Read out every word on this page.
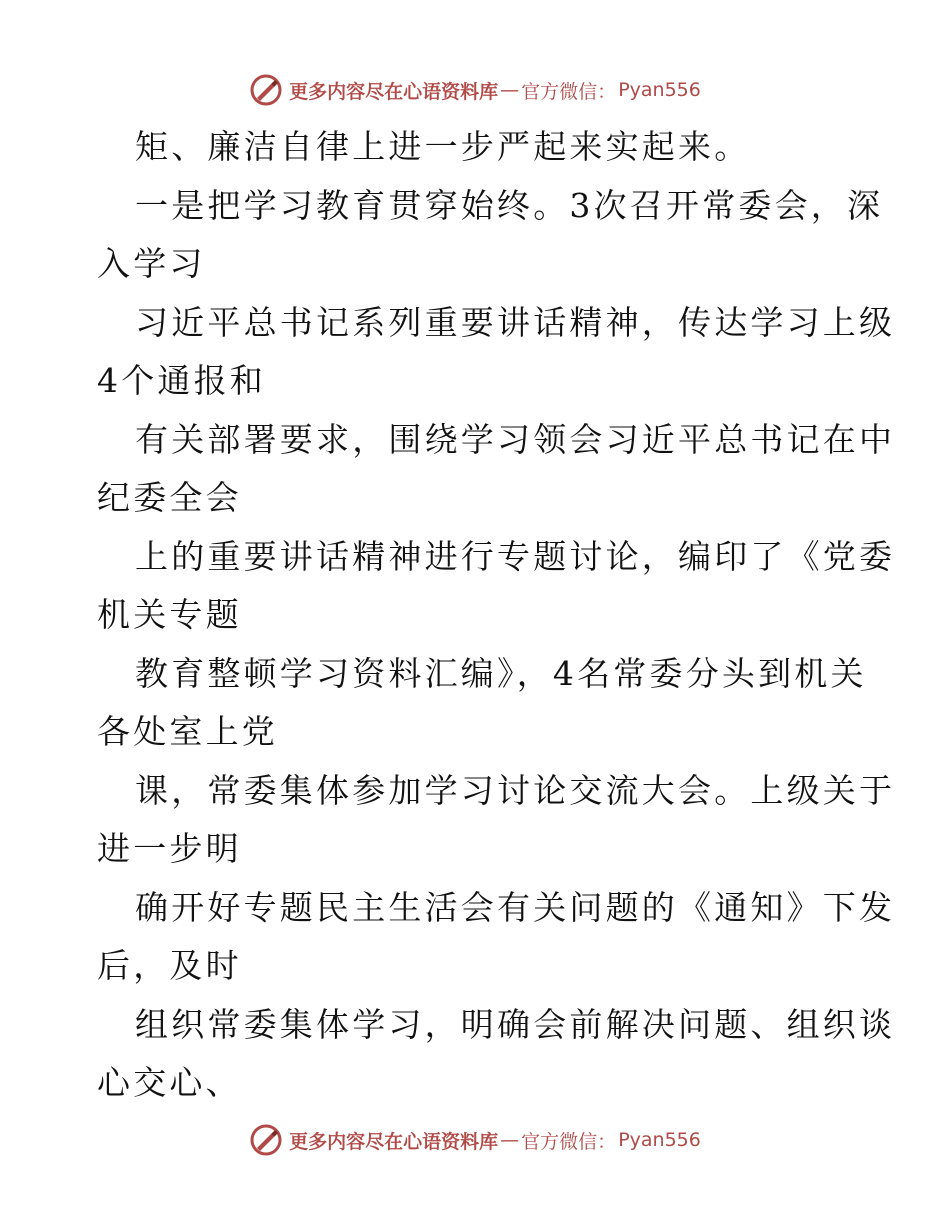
更多内容尽在心语资料库 — 官方微信： Pyan556
矩、廉洁自律上进一步严起来实起来。
一是把学习教育贯穿始终。3次召开常委会，深
入学习
习近平总书记系列重要讲话精神，传达学习上级
4个通报和
有关部署要求，围绕学习领会习近平总书记在中
纪委全会
上的重要讲话精神进行专题讨论，编印了《党委
机关专题
教育整顿学习资料汇编》，4名常委分头到机关
各处室上党
课，常委集体参加学习讨论交流大会。上级关于
进一步明
确开好专题民主生活会有关问题的《通知》下发
后，及时
组织常委集体学习，明确会前解决问题、组织谈
心交心、
更多内容尽在心语资料库 — 官方微信： Pyan556
